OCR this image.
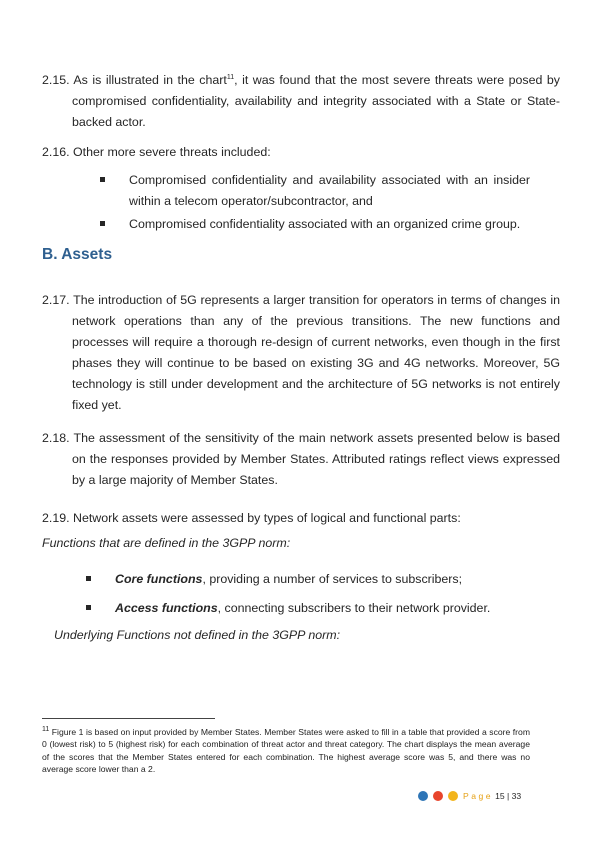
2.15. As is illustrated in the chart$^{11}$, it was found that the most severe threats were posed by compromised confidentiality, availability and integrity associated with a State or State-backed actor.
2.16. Other more severe threats included:
Compromised confidentiality and availability associated with an insider within a telecom operator/subcontractor, and
Compromised confidentiality associated with an organized crime group.
B. Assets
2.17. The introduction of 5G represents a larger transition for operators in terms of changes in network operations than any of the previous transitions. The new functions and processes will require a thorough re-design of current networks, even though in the first phases they will continue to be based on existing 3G and 4G networks. Moreover, 5G technology is still under development and the architecture of 5G networks is not entirely fixed yet.
2.18. The assessment of the sensitivity of the main network assets presented below is based on the responses provided by Member States. Attributed ratings reflect views expressed by a large majority of Member States.
2.19. Network assets were assessed by types of logical and functional parts:
Functions that are defined in the 3GPP norm:
Core functions, providing a number of services to subscribers;
Access functions, connecting subscribers to their network provider.
Underlying Functions not defined in the 3GPP norm:
$^{11}$ Figure 1 is based on input provided by Member States. Member States were asked to fill in a table that provided a score from 0 (lowest risk) to 5 (highest risk) for each combination of threat actor and threat category. The chart displays the mean average of the scores that the Member States entered for each combination. The highest average score was 5, and there was no average score lower than a 2.
Page 15 | 33
